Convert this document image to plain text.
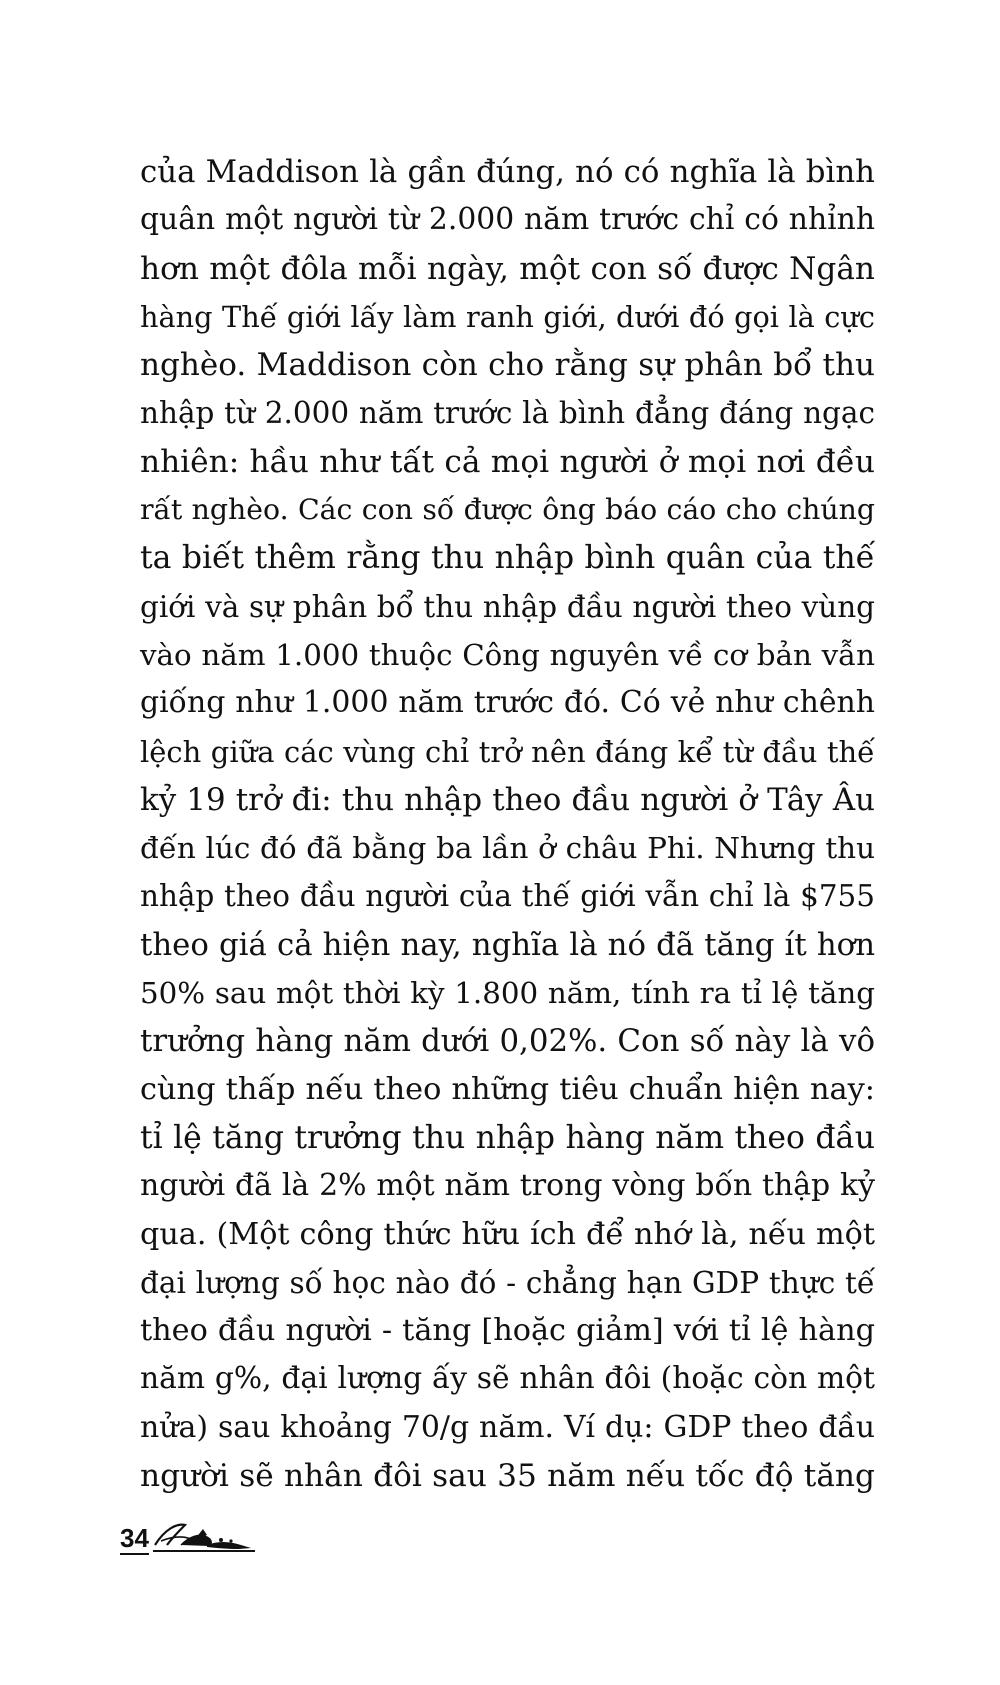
của Maddison là gần đúng, nó có nghĩa là bình
quân một người từ 2.000 năm trước chỉ có nhỉnh
hơn một đôla mỗi ngày, một con số được Ngân
hàng Thế giới lấy làm ranh giới, dưới đó gọi là cực
nghèo. Maddison còn cho rằng sự phân bổ thu
nhập từ 2.000 năm trước là bình đẳng đáng ngạc
nhiên: hầu như tất cả mọi người ở mọi nơi đều
rất nghèo. Các con số được ông báo cáo cho chúng
ta biết thêm rằng thu nhập bình quân của thế
giới và sự phân bổ thu nhập đầu người theo vùng
vào năm 1.000 thuộc Công nguyên về cơ bản vẫn
giống như 1.000 năm trước đó. Có vẻ như chênh
lệch giữa các vùng chỉ trở nên đáng kể từ đầu thế
kỷ 19 trở đi: thu nhập theo đầu người ở Tây Âu
đến lúc đó đã bằng ba lần ở châu Phi. Nhưng thu
nhập theo đầu người của thế giới vẫn chỉ là $755
theo giá cả hiện nay, nghĩa là nó đã tăng ít hơn
50% sau một thời kỳ 1.800 năm, tính ra tỉ lệ tăng
trưởng hàng năm dưới 0,02%. Con số này là vô
cùng thấp nếu theo những tiêu chuẩn hiện nay:
tỉ lệ tăng trưởng thu nhập hàng năm theo đầu
người đã là 2% một năm trong vòng bốn thập kỷ
qua. (Một công thức hữu ích để nhớ là, nếu một
đại lượng số học nào đó - chẳng hạn GDP thực tế
theo đầu người - tăng [hoặc giảm] với tỉ lệ hàng
năm g%, đại lượng ấy sẽ nhân đôi (hoặc còn một
nửa) sau khoảng 70/g năm. Ví dụ: GDP theo đầu
người sẽ nhân đôi sau 35 năm nếu tốc độ tăng
34
